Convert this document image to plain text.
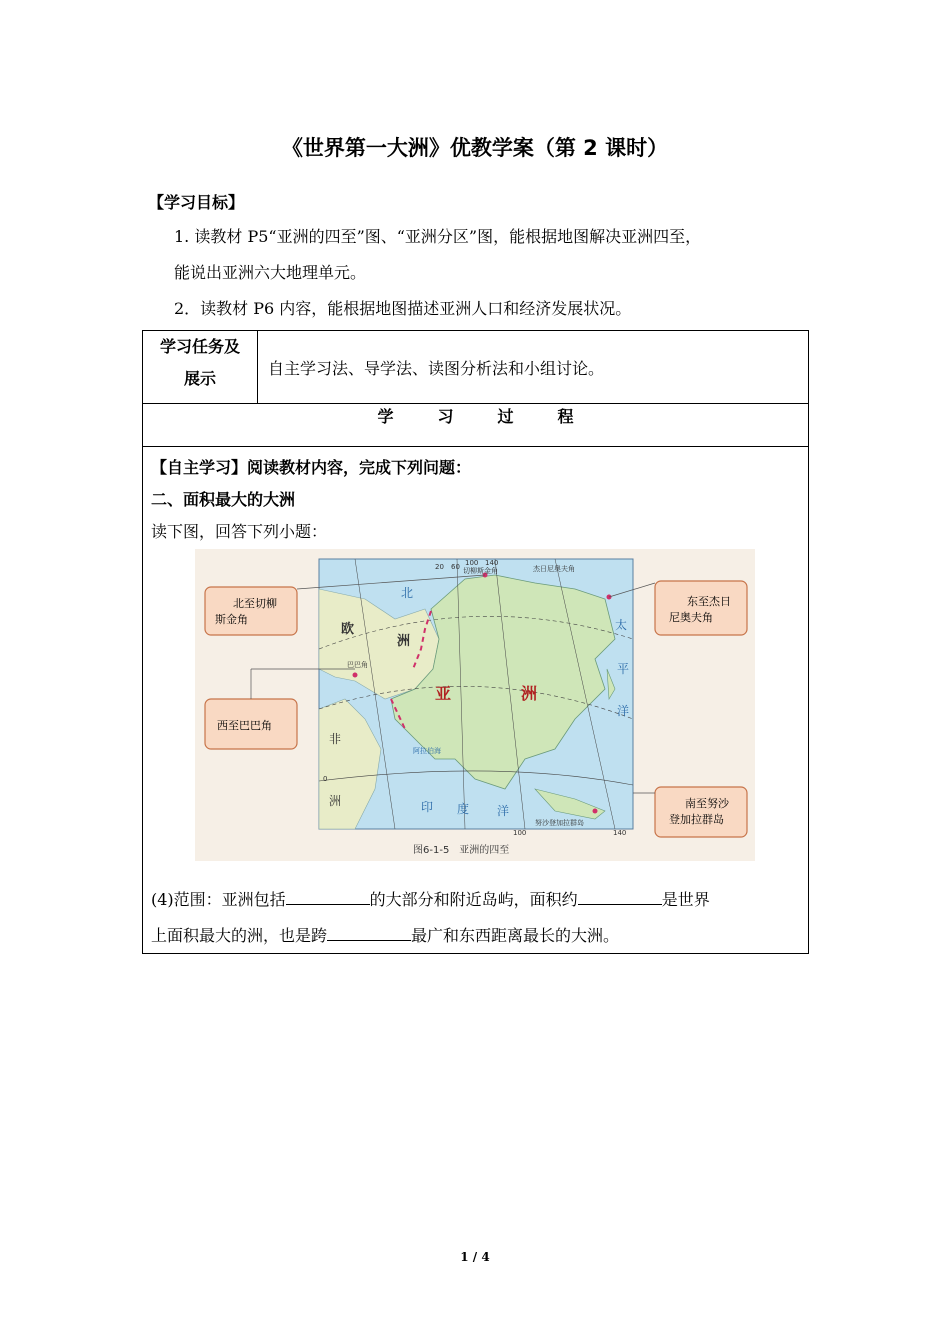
《世界第一大洲》优教学案（第 2 课时）
【学习目标】
1. 读教材 P5“亚洲的四至”图、“亚洲分区”图，能根据地图解决亚洲四至，
能说出亚洲六大地理单元。
2．读教材 P6 内容，能根据地图描述亚洲人口和经济发展状况。
学习任务及
展示
	自主学习法、导学法、读图分析法和小组讨论。

学	习	过	程

【自主学习】阅读教材内容，完成下列问题：
二、面积最大的大洲
读下图，回答下列小题：
北至切柳
斯金角
东至杰日
尼奥夫角
西至巴巴角
南至努沙
登加拉群岛
亚	洲
欧
洲
非
洲	印 度 洋
太
平
洋
北
切柳斯金角	杰日尼奥夫角
巴巴角
努沙登加拉群岛
阿拉伯海
20 60 100 140
100	140
0
图6-1-5　亚洲的四至
(4)范围：亚洲包括	的大部分和附近岛屿，面积约	是世界
上面积最大的洲，也是跨	最广和东西距离最长的大洲。
1 / 4
